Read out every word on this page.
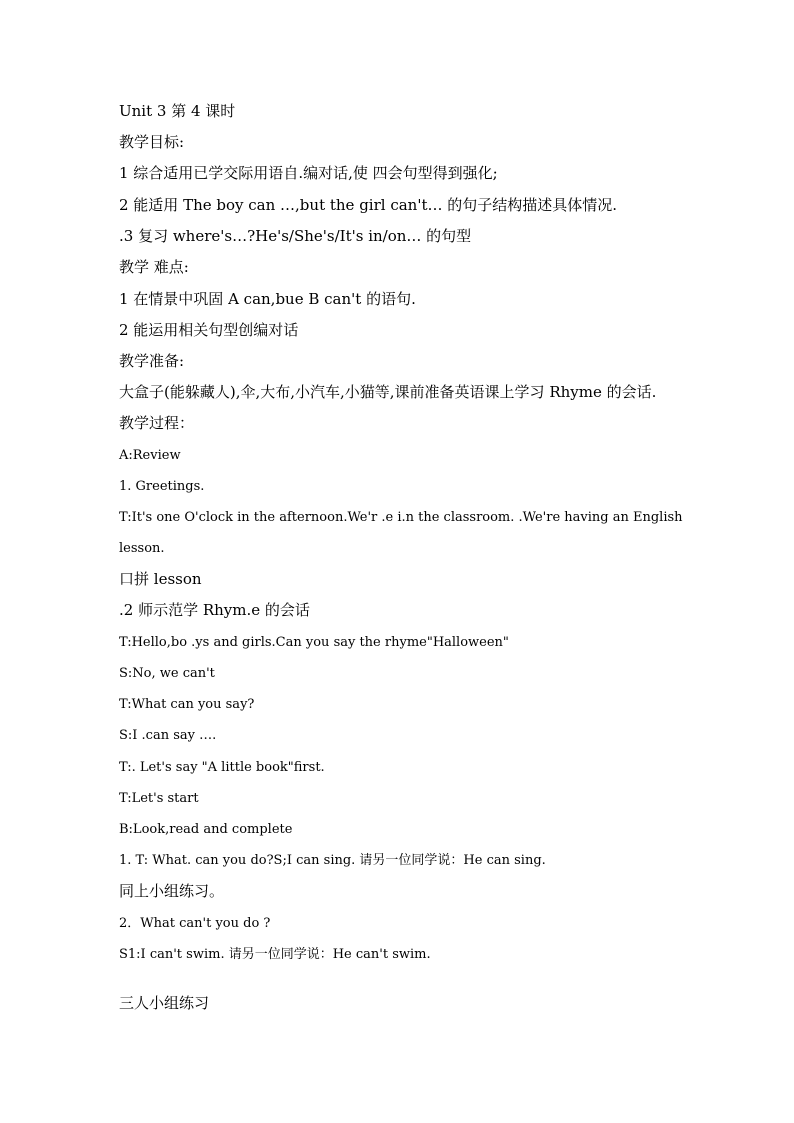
Unit 3 第 4 课时
教学目标:
1 综合适用已学交际用语自.编对话,使 四会句型得到强化;
2 能适用 The boy can …,but the girl can't… 的句子结构描述具体情况.
.3 复习 where's…?He's/She's/It's in/on… 的句型
教学 难点:
1 在情景中巩固 A can,bue B can't 的语句.
2 能运用相关句型创编对话
教学准备:
大盒子(能躲藏人),伞,大布,小汽车,小猫等,课前准备英语课上学习 Rhyme 的会话.
教学过程：
A:Review
1. Greetings.
T:It's one O'clock in the afternoon.We'r .e i.n the classroom. .We're having an English
lesson.
口拼 lesson
.2 师示范学 Rhym.e 的会话
T:Hello,bo .ys and girls.Can you say the rhyme"Halloween"
S:No, we can't
T:What can you say?
S:I .can say ….
T:. Let's say "A little book"first.
T:Let's start
B:Look,read and complete
1. T: What. can you do?S;I can sing. 请另一位同学说：He can sing.
同上小组练习。
2．What can't you do ?
S1:I can't swim. 请另一位同学说：He can't swim.
三人小组练习
